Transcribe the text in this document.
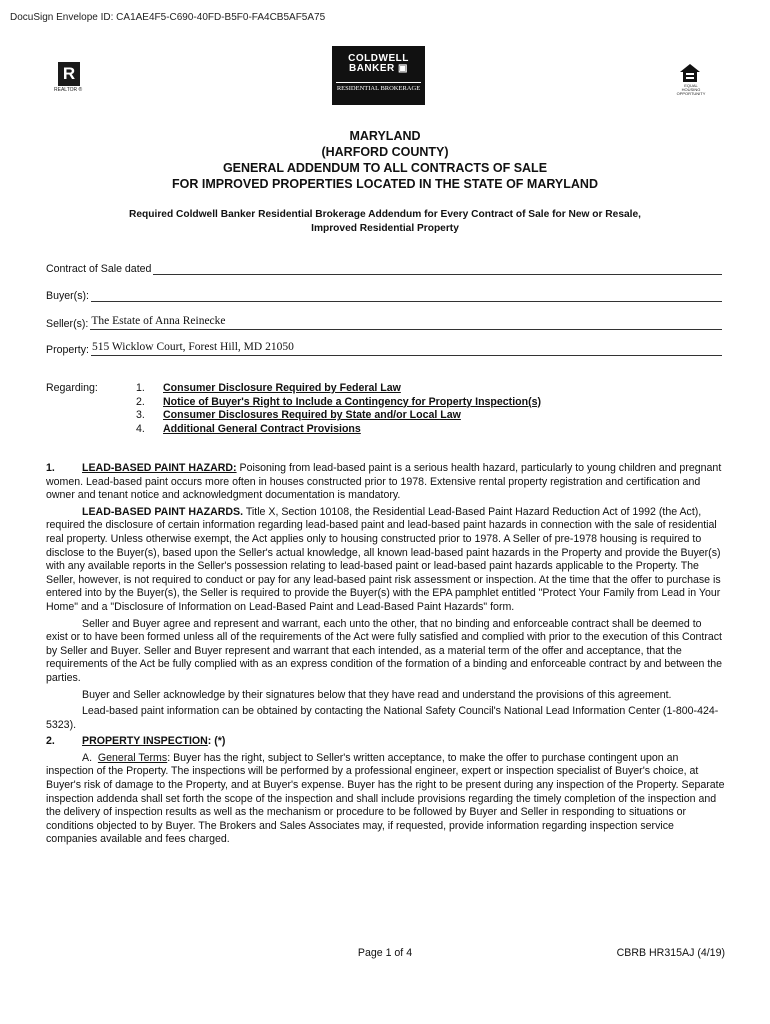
DocuSign Envelope ID: CA1AE4F5-C690-40FD-B5F0-FA4CB5AF5A75
R
REALTOR ®
COLDWELL
BANKER ▣
RESIDENTIAL BROKERAGE	EQUAL HOUSING OPPORTUNITY
MARYLAND
(HARFORD COUNTY)
GENERAL ADDENDUM TO ALL CONTRACTS OF SALE
FOR IMPROVED PROPERTIES LOCATED IN THE STATE OF MARYLAND
Required Coldwell Banker Residential Brokerage Addendum for Every Contract of Sale for New or Resale,
Improved Residential Property
Contract of Sale dated
Buyer(s):
Seller(s): The Estate of Anna Reinecke
Property: 515 Wicklow Court, Forest Hill, MD 21050
Regarding:	1.	Consumer Disclosure Required by Federal Law
2.	Notice of Buyer's Right to Include a Contingency for Property Inspection(s)
3.	Consumer Disclosures Required by State and/or Local Law
4.	Additional General Contract Provisions

1.	LEAD-BASED PAINT HAZARD: Poisoning from lead-based paint is a serious health hazard, particularly to young children and pregnant women. Lead-based paint occurs more often in houses constructed prior to 1978. Extensive rental property registration and certification and owner and tenant notice and acknowledgment documentation is mandatory.

LEAD-BASED PAINT HAZARDS. Title X, Section 10108, the Residential Lead-Based Paint Hazard Reduction Act of 1992 (the Act), required the disclosure of certain information regarding lead-based paint and lead-based paint hazards in connection with the sale of residential real property. Unless otherwise exempt, the Act applies only to housing constructed prior to 1978. A Seller of pre-1978 housing is required to disclose to the Buyer(s), based upon the Seller's actual knowledge, all known lead-based paint hazards in the Property and provide the Buyer(s) with any available reports in the Seller's possession relating to lead-based paint or lead-based paint hazards applicable to the Property. The Seller, however, is not required to conduct or pay for any lead-based paint risk assessment or inspection. At the time that the offer to purchase is entered into by the Buyer(s), the Seller is required to provide the Buyer(s) with the EPA pamphlet entitled "Protect Your Family from Lead in Your Home" and a "Disclosure of Information on Lead-Based Paint and Lead-Based Paint Hazards" form.

Seller and Buyer agree and represent and warrant, each unto the other, that no binding and enforceable contract shall be deemed to exist or to have been formed unless all of the requirements of the Act were fully satisfied and complied with prior to the execution of this Contract by Seller and Buyer. Seller and Buyer represent and warrant that each intended, as a material term of the offer and acceptance, that the requirements of the Act be fully complied with as an express condition of the formation of a binding and enforceable contract by and between the parties.

Buyer and Seller acknowledge by their signatures below that they have read and understand the provisions of this agreement.

Lead-based paint information can be obtained by contacting the National Safety Council's National Lead Information Center (1-800-424-5323).

2.	PROPERTY INSPECTION: (*)

A. General Terms: Buyer has the right, subject to Seller's written acceptance, to make the offer to purchase contingent upon an inspection of the Property. The inspections will be performed by a professional engineer, expert or inspection specialist of Buyer's choice, at Buyer's risk of damage to the Property, and at Buyer's expense. Buyer has the right to be present during any inspection of the Property. Separate inspection addenda shall set forth the scope of the inspection and shall include provisions regarding the timely completion of the inspection and the delivery of inspection results as well as the mechanism or procedure to be followed by Buyer and Seller in responding to situations or conditions objected to by Buyer. The Brokers and Sales Associates may, if requested, provide information regarding inspection service companies available and fees charged.

Page 1 of 4	CBRB HR315AJ (4/19)
